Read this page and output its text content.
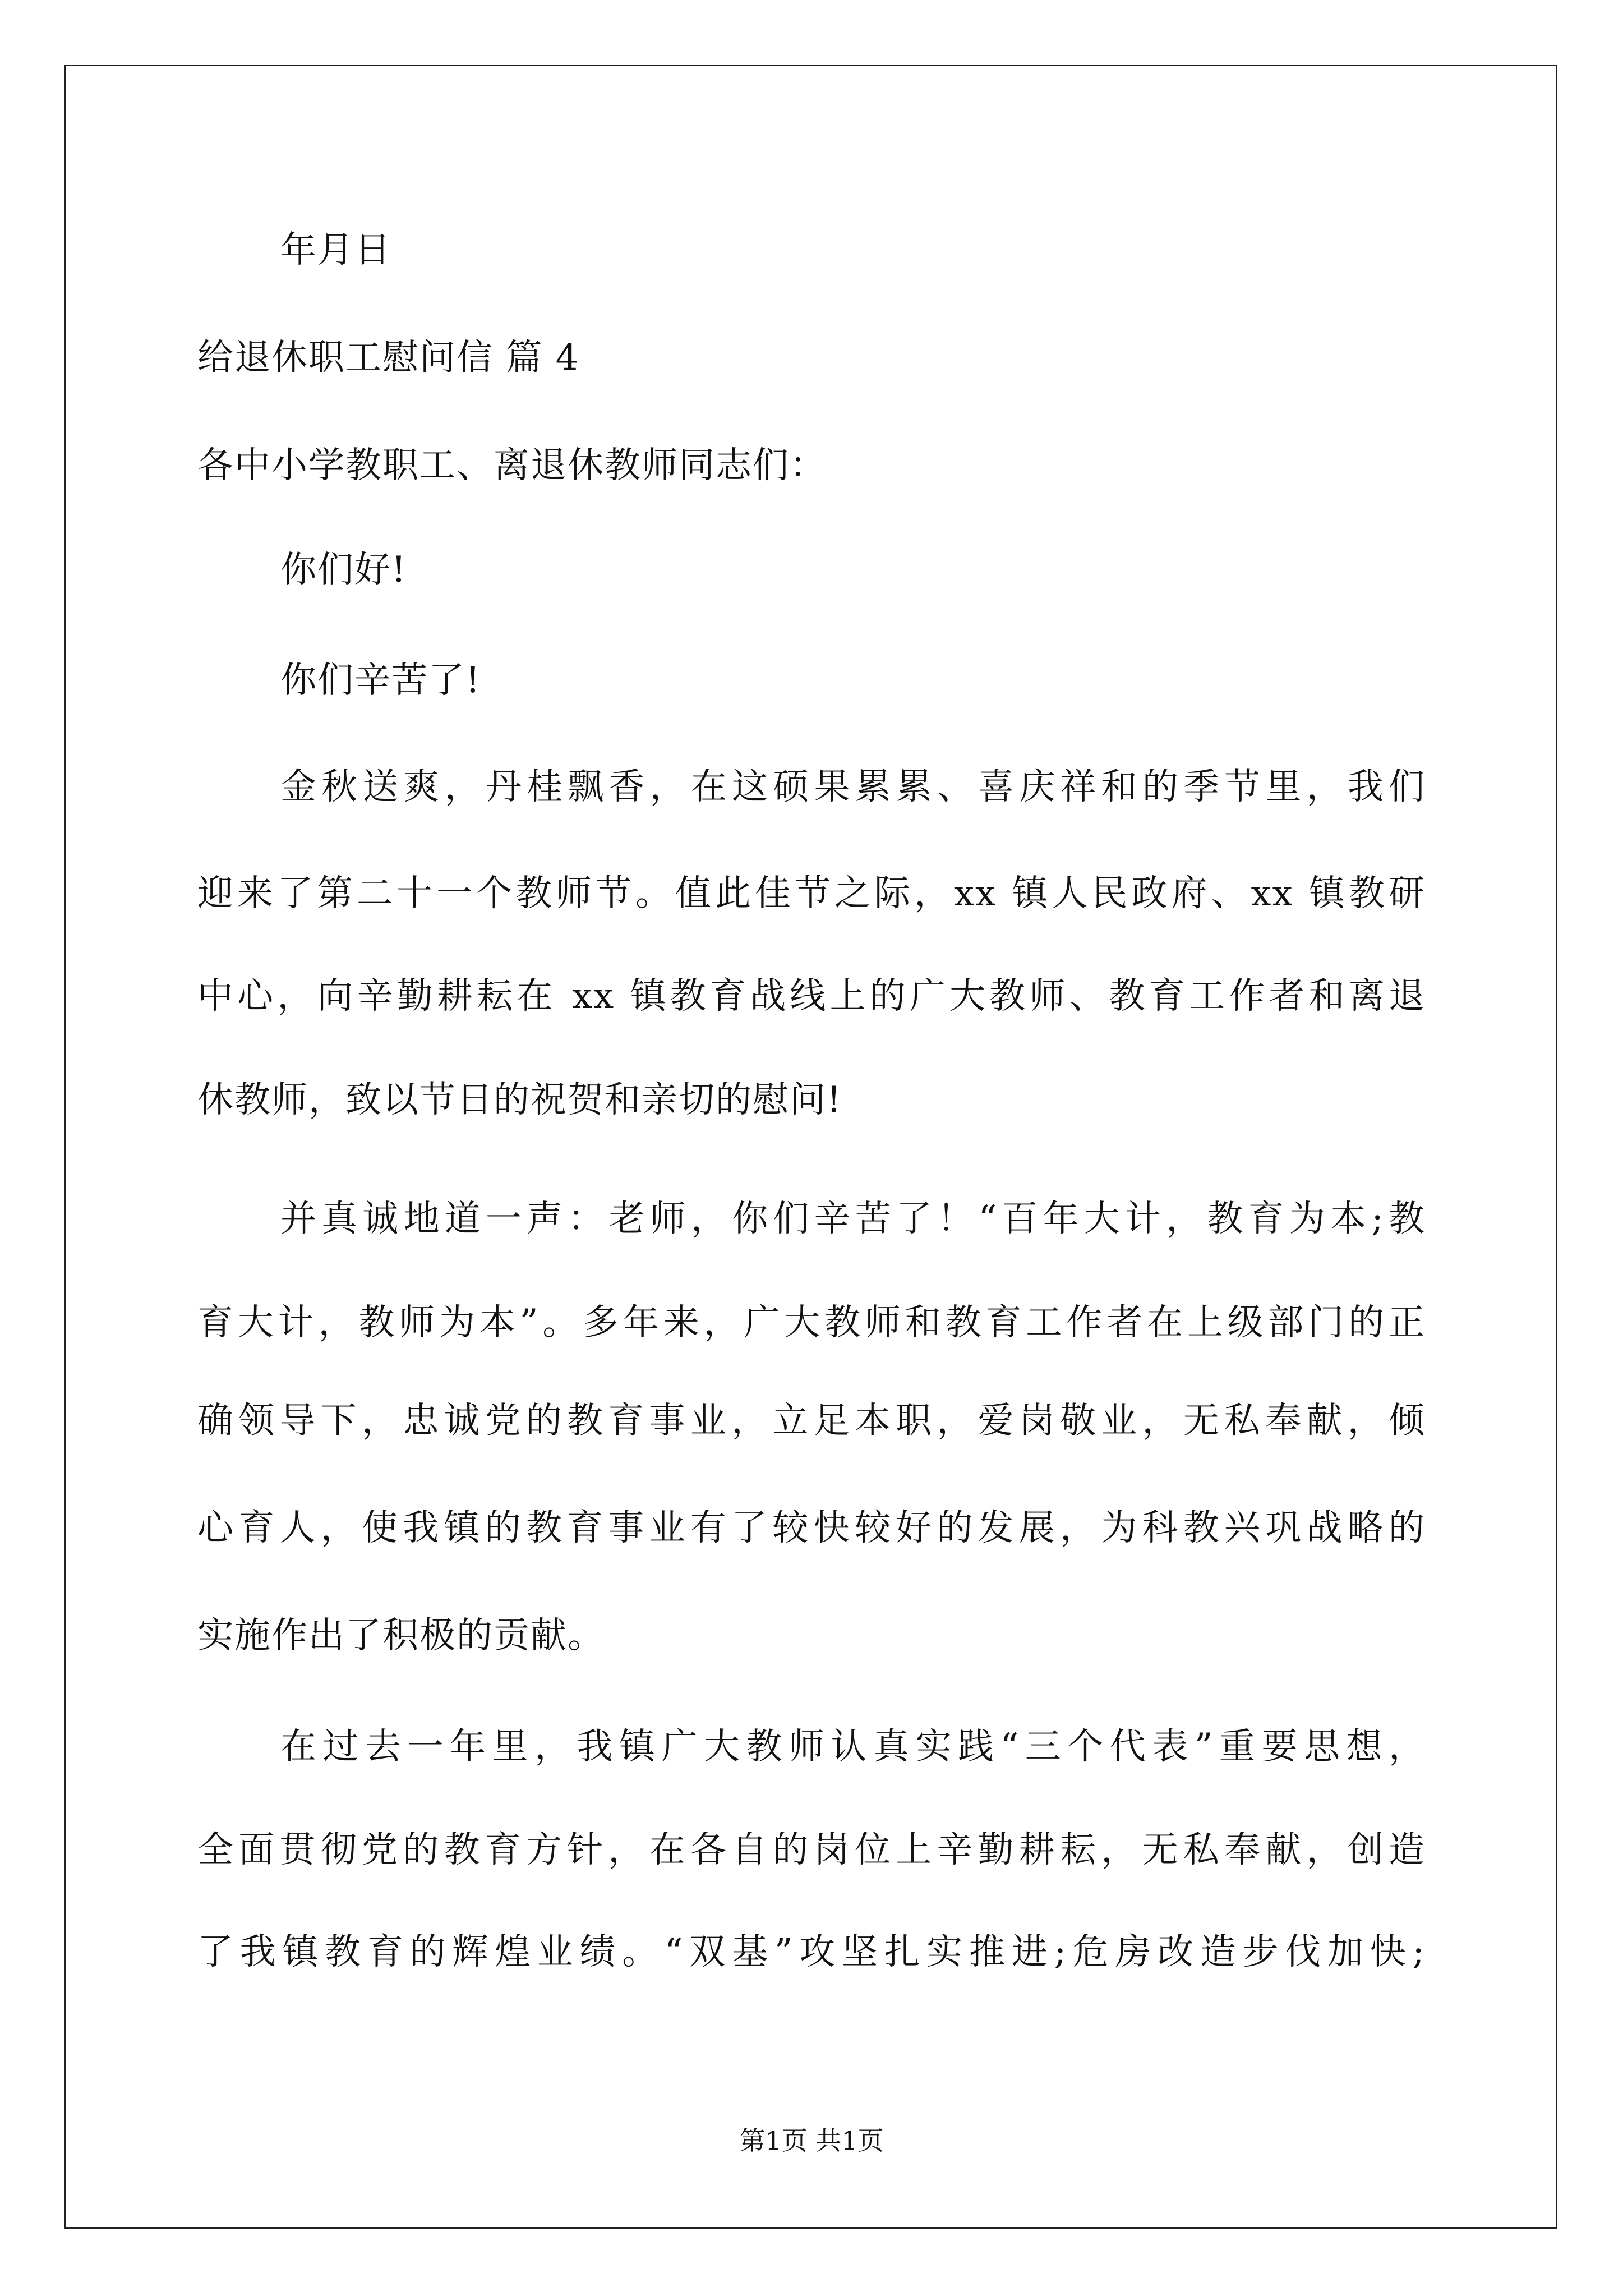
年月日
给退休职工慰问信 篇 4
各中小学教职工、离退休教师同志们：
你们好!
你们辛苦了!
金秋送爽，丹桂飘香，在这硕果累累、喜庆祥和的季节里，我们
迎来了第二十一个教师节。值此佳节之际，xx 镇人民政府、xx 镇教研
中心，向辛勤耕耘在 xx 镇教育战线上的广大教师、教育工作者和离退
休教师，致以节日的祝贺和亲切的慰问!
并真诚地道一声：老师，你们辛苦了！“百年大计，教育为本;教
育大计，教师为本”。多年来，广大教师和教育工作者在上级部门的正
确领导下，忠诚党的教育事业，立足本职，爱岗敬业，无私奉献，倾
心育人，使我镇的教育事业有了较快较好的发展，为科教兴巩战略的
实施作出了积极的贡献。
在过去一年里，我镇广大教师认真实践“三个代表”重要思想，
全面贯彻党的教育方针，在各自的岗位上辛勤耕耘，无私奉献，创造
了我镇教育的辉煌业绩。“双基”攻坚扎实推进;危房改造步伐加快;
第1页 共1页
